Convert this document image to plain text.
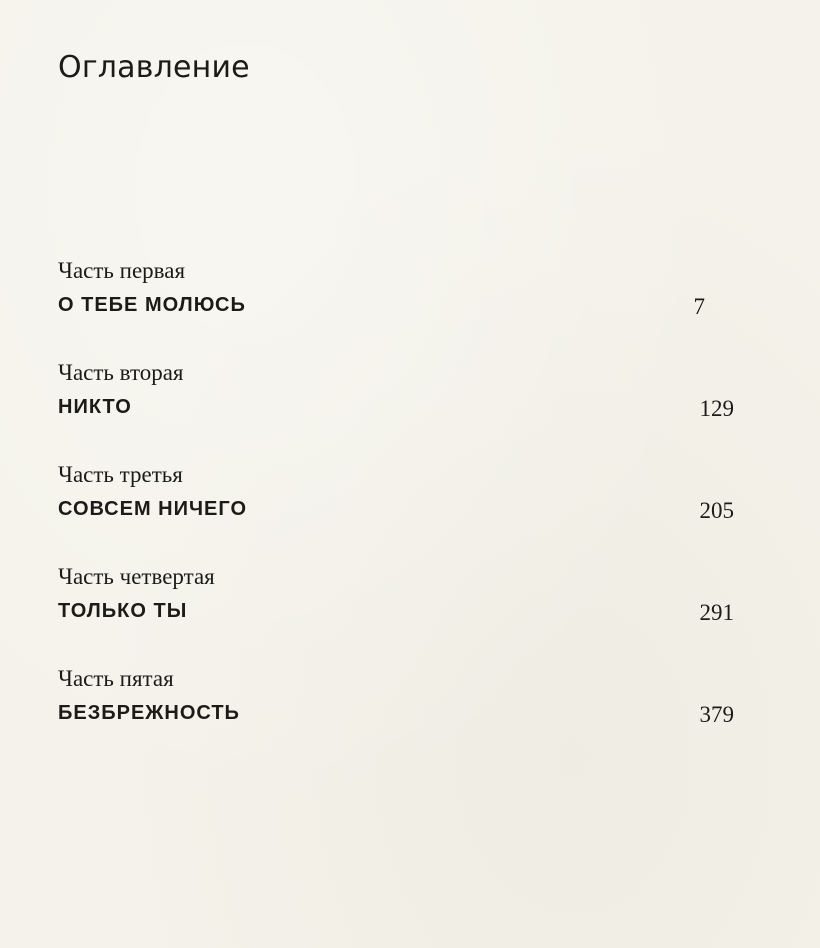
Оглавление
Часть первая
О ТЕБЕ МОЛЮСЬ	7
Часть вторая
НИКТО	129
Часть третья
СОВСЕМ НИЧЕГО	205
Часть четвертая
ТОЛЬКО ТЫ	291
Часть пятая
БЕЗБРЕЖНОСТЬ	379
